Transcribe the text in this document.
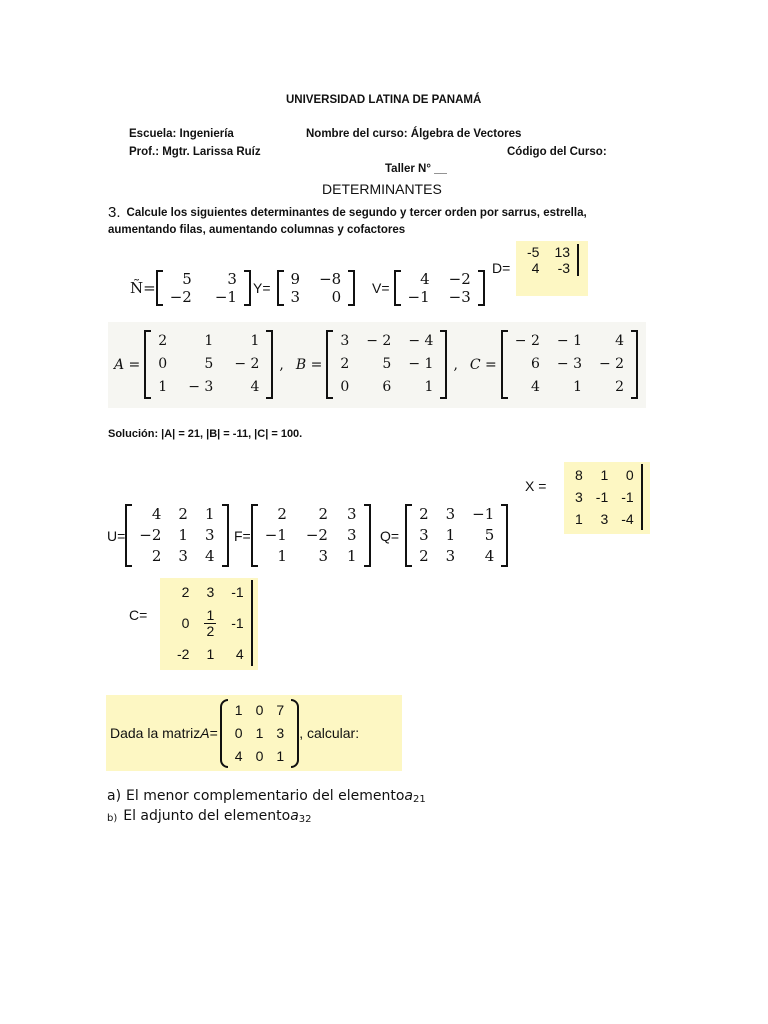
UNIVERSIDAD LATINA DE PANAMÁ
Escuela: Ingeniería	Nombre del curso: Álgebra de Vectores
Prof.: Mgtr. Larissa Ruíz	Código del Curso:
Taller N° __
DETERMINANTES
3. Calcule los siguientes determinantes de segundo y tercer orden por sarrus, estrella,
aumentando filas, aumentando columnas y cofactores
Ñ= 5	3
−2	−1 Y= 9	−8
3	0 V= 4	−2
−1	−3
D=
-5	13
4	-3
A =
2	1	1
0	5	− 2
1	− 3	4
, B =
3	− 2	− 4
2	5	− 1
0	6	1
, C =
− 2	− 1	4
6	− 3	− 2
4	1	2
Solución: |A| = 21, |B| = -11, |C| = 100.
X =
8	1	0
3	-1	-1
1	3	-4
U=
4	2	1
−2	1	3
2	3	4
F=
2	2	3
−1	−2	3
1	3	1
Q=
2	3	−1
3	1	5
2	3	4
C=
2	3	-1
0	$\frac{1}{2}$	-1
-2	1	4
Dada la matriz A =
1	0	7
0	1	3
4	0	1
, calcular:
a) El menor complementario del elemento a 21
b) El adjunto del elemento a 32
